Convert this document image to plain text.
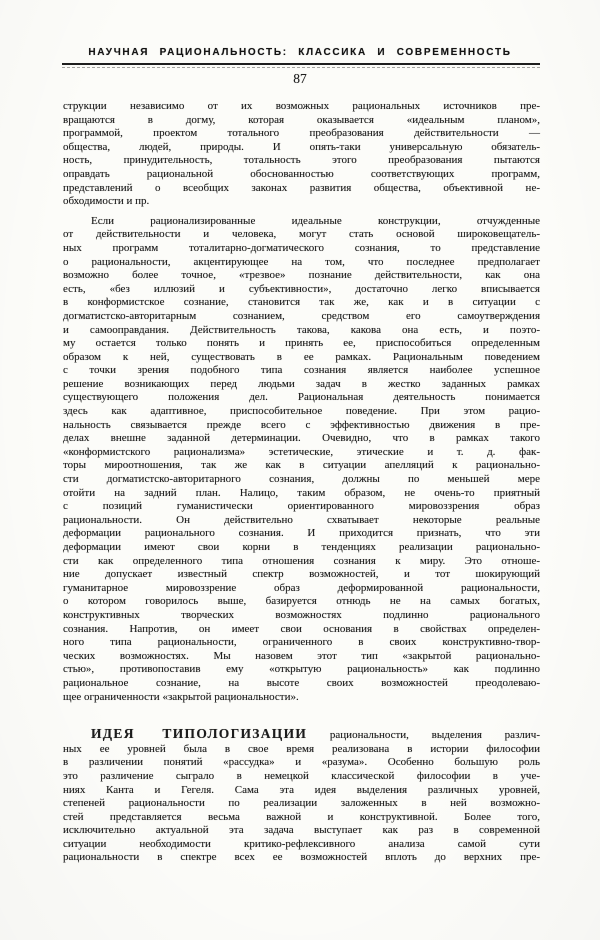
НАУЧНАЯ РАЦИОНАЛЬНОСТЬ: КЛАССИКА И СОВРЕМЕННОСТЬ
87
струкции независимо от их возможных рациональных источников пре-
вращаются в догму, которая оказывается «идеальным планом»,
программой, проектом тотального преобразования действительности —
общества, людей, природы. И опять-таки универсальную обязатель-
ность, принудительность, тотальность этого преобразования пытаются
оправдать рациональной обоснованностью соответствующих программ,
представлений о всеобщих законах развития общества, объективной не-
обходимости и пр.
Если рационализированные идеальные конструкции, отчужденные
от действительности и человека, могут стать основой широковещатель-
ных программ тоталитарно-догматического сознания, то представление
о рациональности, акцентирующее на том, что последнее предполагает
возможно более точное, «трезвое» познание действительности, как она
есть, «без иллюзий и субъективности», достаточно легко вписывается
в конформистское сознание, становится так же, как и в ситуации с
догматистско-авторитарным сознанием, средством его самоутверждения
и самооправдания. Действительность такова, какова она есть, и поэто-
му остается только понять и принять ее, приспособиться определенным
образом к ней, существовать в ее рамках. Рациональным поведением
с точки зрения подобного типа сознания является наиболее успешное
решение возникающих перед людьми задач в жестко заданных рамках
существующего положения дел. Рациональная деятельность понимается
здесь как адаптивное, приспособительное поведение. При этом рацио-
нальность связывается прежде всего с эффективностью движения в пре-
делах внешне заданной детерминации. Очевидно, что в рамках такого
«конформистского рационализма» эстетические, этические и т. д. фак-
торы мироотношения, так же как в ситуации апелляций к рационально-
сти догматистско-авторитарного сознания, должны по меньшей мере
отойти на задний план. Налицо, таким образом, не очень-то приятный
с позиций гуманистически ориентированного мировоззрения образ
рациональности. Он действительно схватывает некоторые реальные
деформации рационального сознания. И приходится признать, что эти
деформации имеют свои корни в тенденциях реализации рационально-
сти как определенного типа отношения сознания к миру. Это отноше-
ние допускает известный спектр возможностей, и тот шокирующий
гуманитарное мировоззрение образ деформированной рациональности,
о котором говорилось выше, базируется отнюдь не на самых богатых,
конструктивных творческих возможностях подлинно рационального
сознания. Напротив, он имеет свои основания в свойствах определен-
ного типа рациональности, ограниченного в своих конструктивно-твор-
ческих возможностях. Мы назовем этот тип «закрытой рационально-
стью», противопоставив ему «открытую рациональность» как подлинно
рациональное сознание, на высоте своих возможностей преодолеваю-
щее ограниченности «закрытой рациональности».
ИДЕЯ ТИПОЛОГИЗАЦИИ рациональности, выделения различ-
ных ее уровней была в свое время реализована в истории философии
в различении понятий «рассудка» и «разума». Особенно большую роль
это различение сыграло в немецкой классической философии в уче-
ниях Канта и Гегеля. Сама эта идея выделения различных уровней,
степеней рациональности по реализации заложенных в ней возможно-
стей представляется весьма важной и конструктивной. Более того,
исключительно актуальной эта задача выступает как раз в современной
ситуации необходимости критико-рефлексивного анализа самой сути
рациональности в спектре всех ее возможностей вплоть до верхних пре-
